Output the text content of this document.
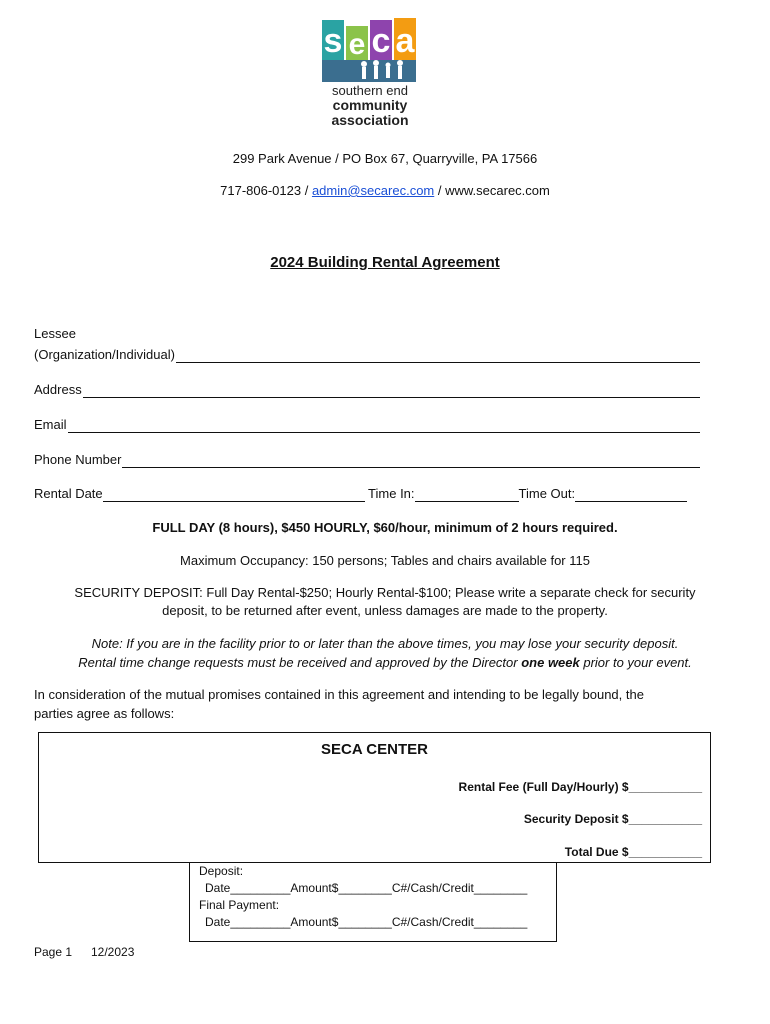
s e c a
southern end
community
association
299 Park Avenue / PO Box 67, Quarryville, PA 17566
717-806-0123 / admin@secarec.com / www.secarec.com
2024 Building Rental Agreement
Lessee
(Organization/Individual)
Address
Email
Phone Number
Rental Date	Time In:	Time Out:
FULL DAY (8 hours), $450 HOURLY, $60/hour, minimum of 2 hours required.
Maximum Occupancy: 150 persons; Tables and chairs available for 115
SECURITY DEPOSIT: Full Day Rental-$250; Hourly Rental-$100; Please write a separate check for security
deposit, to be returned after event, unless damages are made to the property.
Note: If you are in the facility prior to or later than the above times, you may lose your security deposit.
Rental time change requests must be received and approved by the Director one week prior to your event.
In consideration of the mutual promises contained in this agreement and intending to be legally bound, the
parties agree as follows:
SECA CENTER
Rental Fee (Full Day/Hourly) $___________
Security Deposit $___________
Total Due $___________
Deposit:
Date_________Amount$________C#/Cash/Credit________
Final Payment:
Date_________Amount$________C#/Cash/Credit________
Page 1 12/2023
